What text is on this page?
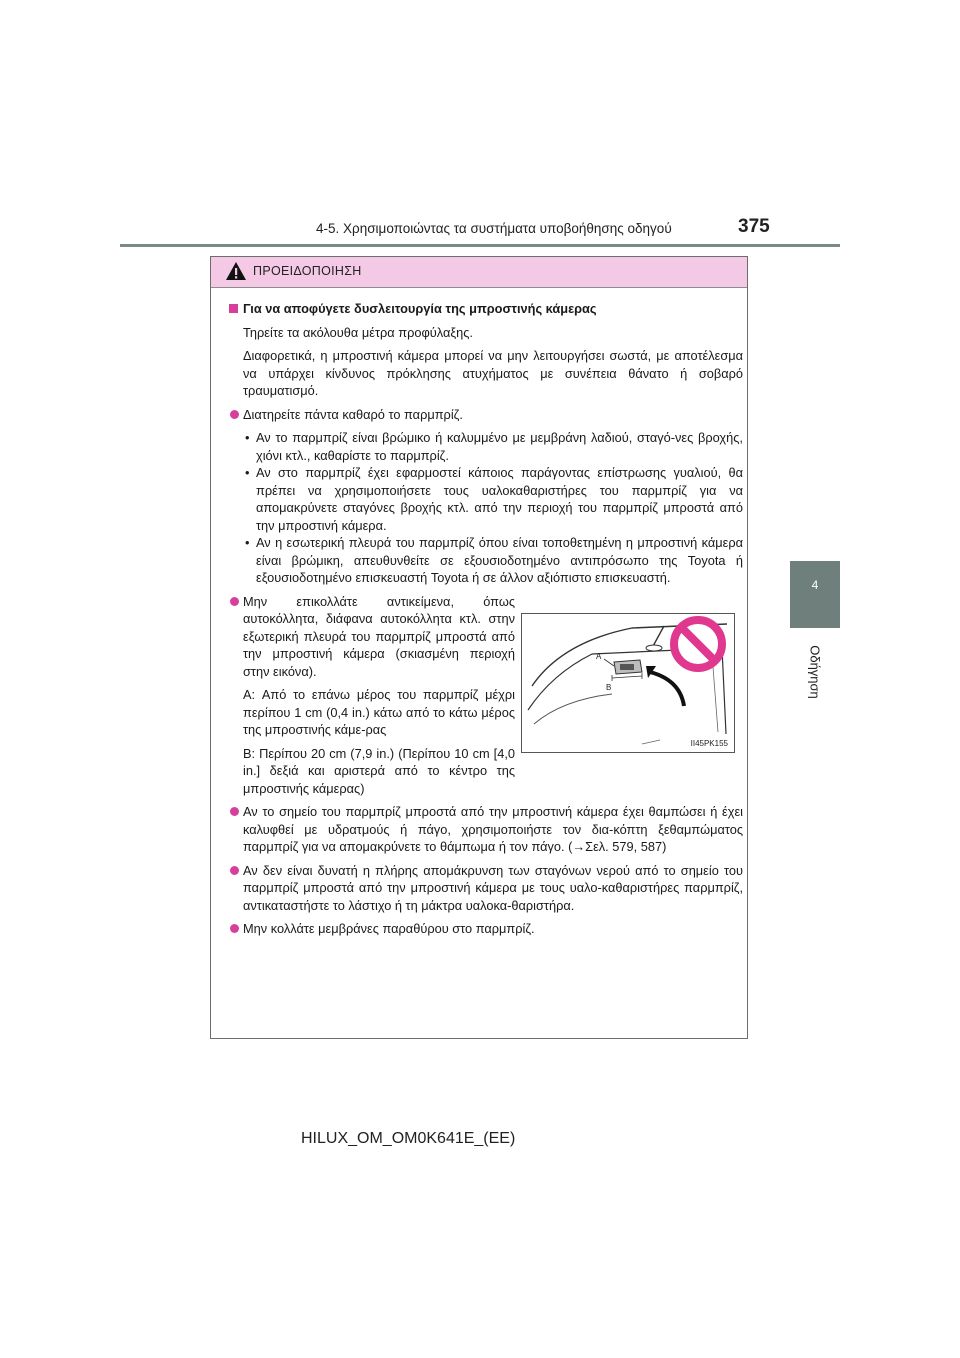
4-5. Χρησιμοποιώντας τα συστήματα υποβοήθησης οδηγού	375
4
Οδήγηση
ΠΡΟΕΙΔΟΠΟΙΗΣΗ

Για να αποφύγετε δυσλειτουργία της μπροστινής κάμερας

Τηρείτε τα ακόλουθα μέτρα προφύλαξης.

Διαφορετικά, η μπροστινή κάμερα μπορεί να μην λειτουργήσει σωστά, με αποτέλεσμα να υπάρχει κίνδυνος πρόκλησης ατυχήματος με συνέπεια θάνατο ή σοβαρό τραυματισμό.

Διατηρείτε πάντα καθαρό το παρμπρίζ.

• Αν το παρμπρίζ είναι βρώμικο ή καλυμμένο με μεμβράνη λαδιού, σταγό-νες βροχής, χιόνι κτλ., καθαρίστε το παρμπρίζ.

• Αν στο παρμπρίζ έχει εφαρμοστεί κάποιος παράγοντας επίστρωσης γυαλιού, θα πρέπει να χρησιμοποιήσετε τους υαλοκαθαριστήρες του παρμπρίζ για να απομακρύνετε σταγόνες βροχής κτλ. από την περιοχή του παρμπρίζ μπροστά από την μπροστινή κάμερα.

• Αν η εσωτερική πλευρά του παρμπρίζ όπου είναι τοποθετημένη η μπροστινή κάμερα είναι βρώμικη, απευθυνθείτε σε εξουσιοδοτημένο αντιπρόσωπο της Toyota ή εξουσιοδοτημένο επισκευαστή Toyota ή σε άλλον αξιόπιστο επισκευαστή.

Μην επικολλάτε αντικείμενα, όπως αυτοκόλλητα, διάφανα αυτοκόλλητα κτλ. στην εξωτερική πλευρά του παρμπρίζ μπροστά από την μπροστινή κάμερα (σκιασμένη περιοχή στην εικόνα).

A: Από το επάνω μέρος του παρμπρίζ μέχρι περίπου 1 cm (0,4 in.) κάτω από το κάτω μέρος της μπροστινής κάμε-ρας

B: Περίπου 20 cm (7,9 in.) (Περίπου 10 cm [4,0 in.] δεξιά και αριστερά από το κέντρο της μπροστινής κάμερας)

Αν το σημείο του παρμπρίζ μπροστά από την μπροστινή κάμερα έχει θαμπώσει ή έχει καλυφθεί με υδρατμούς ή πάγο, χρησιμοποιήστε τον δια-κόπτη ξεθαμπώματος παρμπρίζ για να απομακρύνετε το θάμπωμα ή τον πάγο. (→Σελ. 579, 587)

Αν δεν είναι δυνατή η πλήρης απομάκρυνση των σταγόνων νερού από το σημείο του παρμπρίζ μπροστά από την μπροστινή κάμερα με τους υαλο-καθαριστήρες παρμπρίζ, αντικαταστήστε το λάστιχο ή τη μάκτρα υαλοκα-θαριστήρα.

Μην κολλάτε μεμβράνες παραθύρου στο παρμπρίζ.

A
B
II45PK155
HILUX_OM_OM0K641E_(EE)
